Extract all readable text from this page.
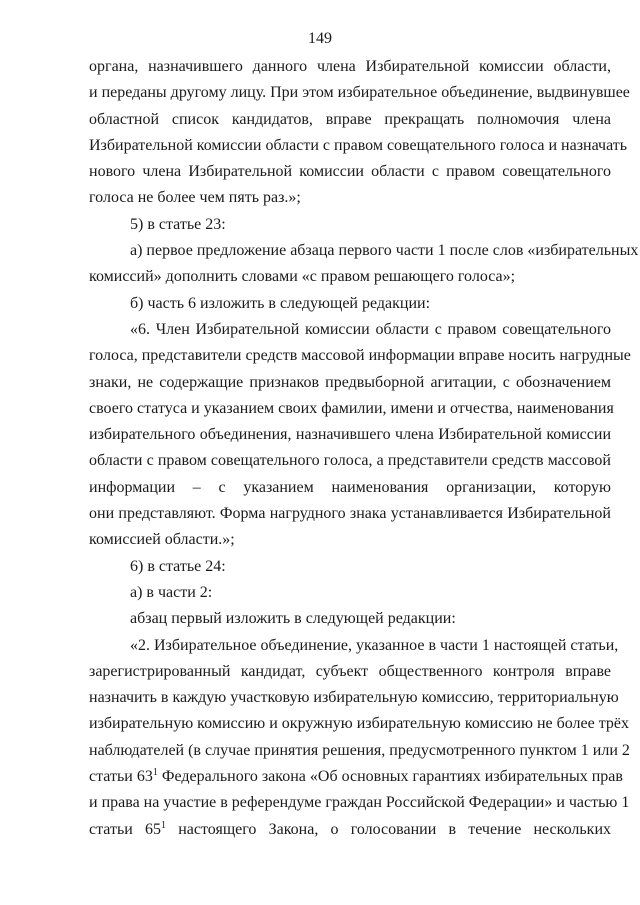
149
органа, назначившего данного члена Избирательной комиссии области,
и переданы другому лицу. При этом избирательное объединение, выдвинувшее
областной список кандидатов, вправе прекращать полномочия члена
Избирательной комиссии области с правом совещательного голоса и назначать
нового члена Избирательной комиссии области с правом совещательного
голоса не более чем пять раз.»;
5) в статье 23:
а) первое предложение абзаца первого части 1 после слов «избирательных
комиссий» дополнить словами «с правом решающего голоса»;
б) часть 6 изложить в следующей редакции:
«6. Член Избирательной комиссии области с правом совещательного
голоса, представители средств массовой информации вправе носить нагрудные
знаки, не содержащие признаков предвыборной агитации, с обозначением
своего статуса и указанием своих фамилии, имени и отчества, наименования
избирательного объединения, назначившего члена Избирательной комиссии
области с правом совещательного голоса, а представители средств массовой
информации – с указанием наименования организации, которую
они представляют. Форма нагрудного знака устанавливается Избирательной
комиссией области.»;
6) в статье 24:
а) в части 2:
абзац первый изложить в следующей редакции:
«2. Избирательное объединение, указанное в части 1 настоящей статьи,
зарегистрированный кандидат, субъект общественного контроля вправе
назначить в каждую участковую избирательную комиссию, территориальную
избирательную комиссию и окружную избирательную комиссию не более трёх
наблюдателей (в случае принятия решения, предусмотренного пунктом 1 или 2
статьи $63^1$ Федерального закона «Об основных гарантиях избирательных прав
и права на участие в референдуме граждан Российской Федерации» и частью 1
статьи $65^1$ настоящего Закона, о голосовании в течение нескольких
